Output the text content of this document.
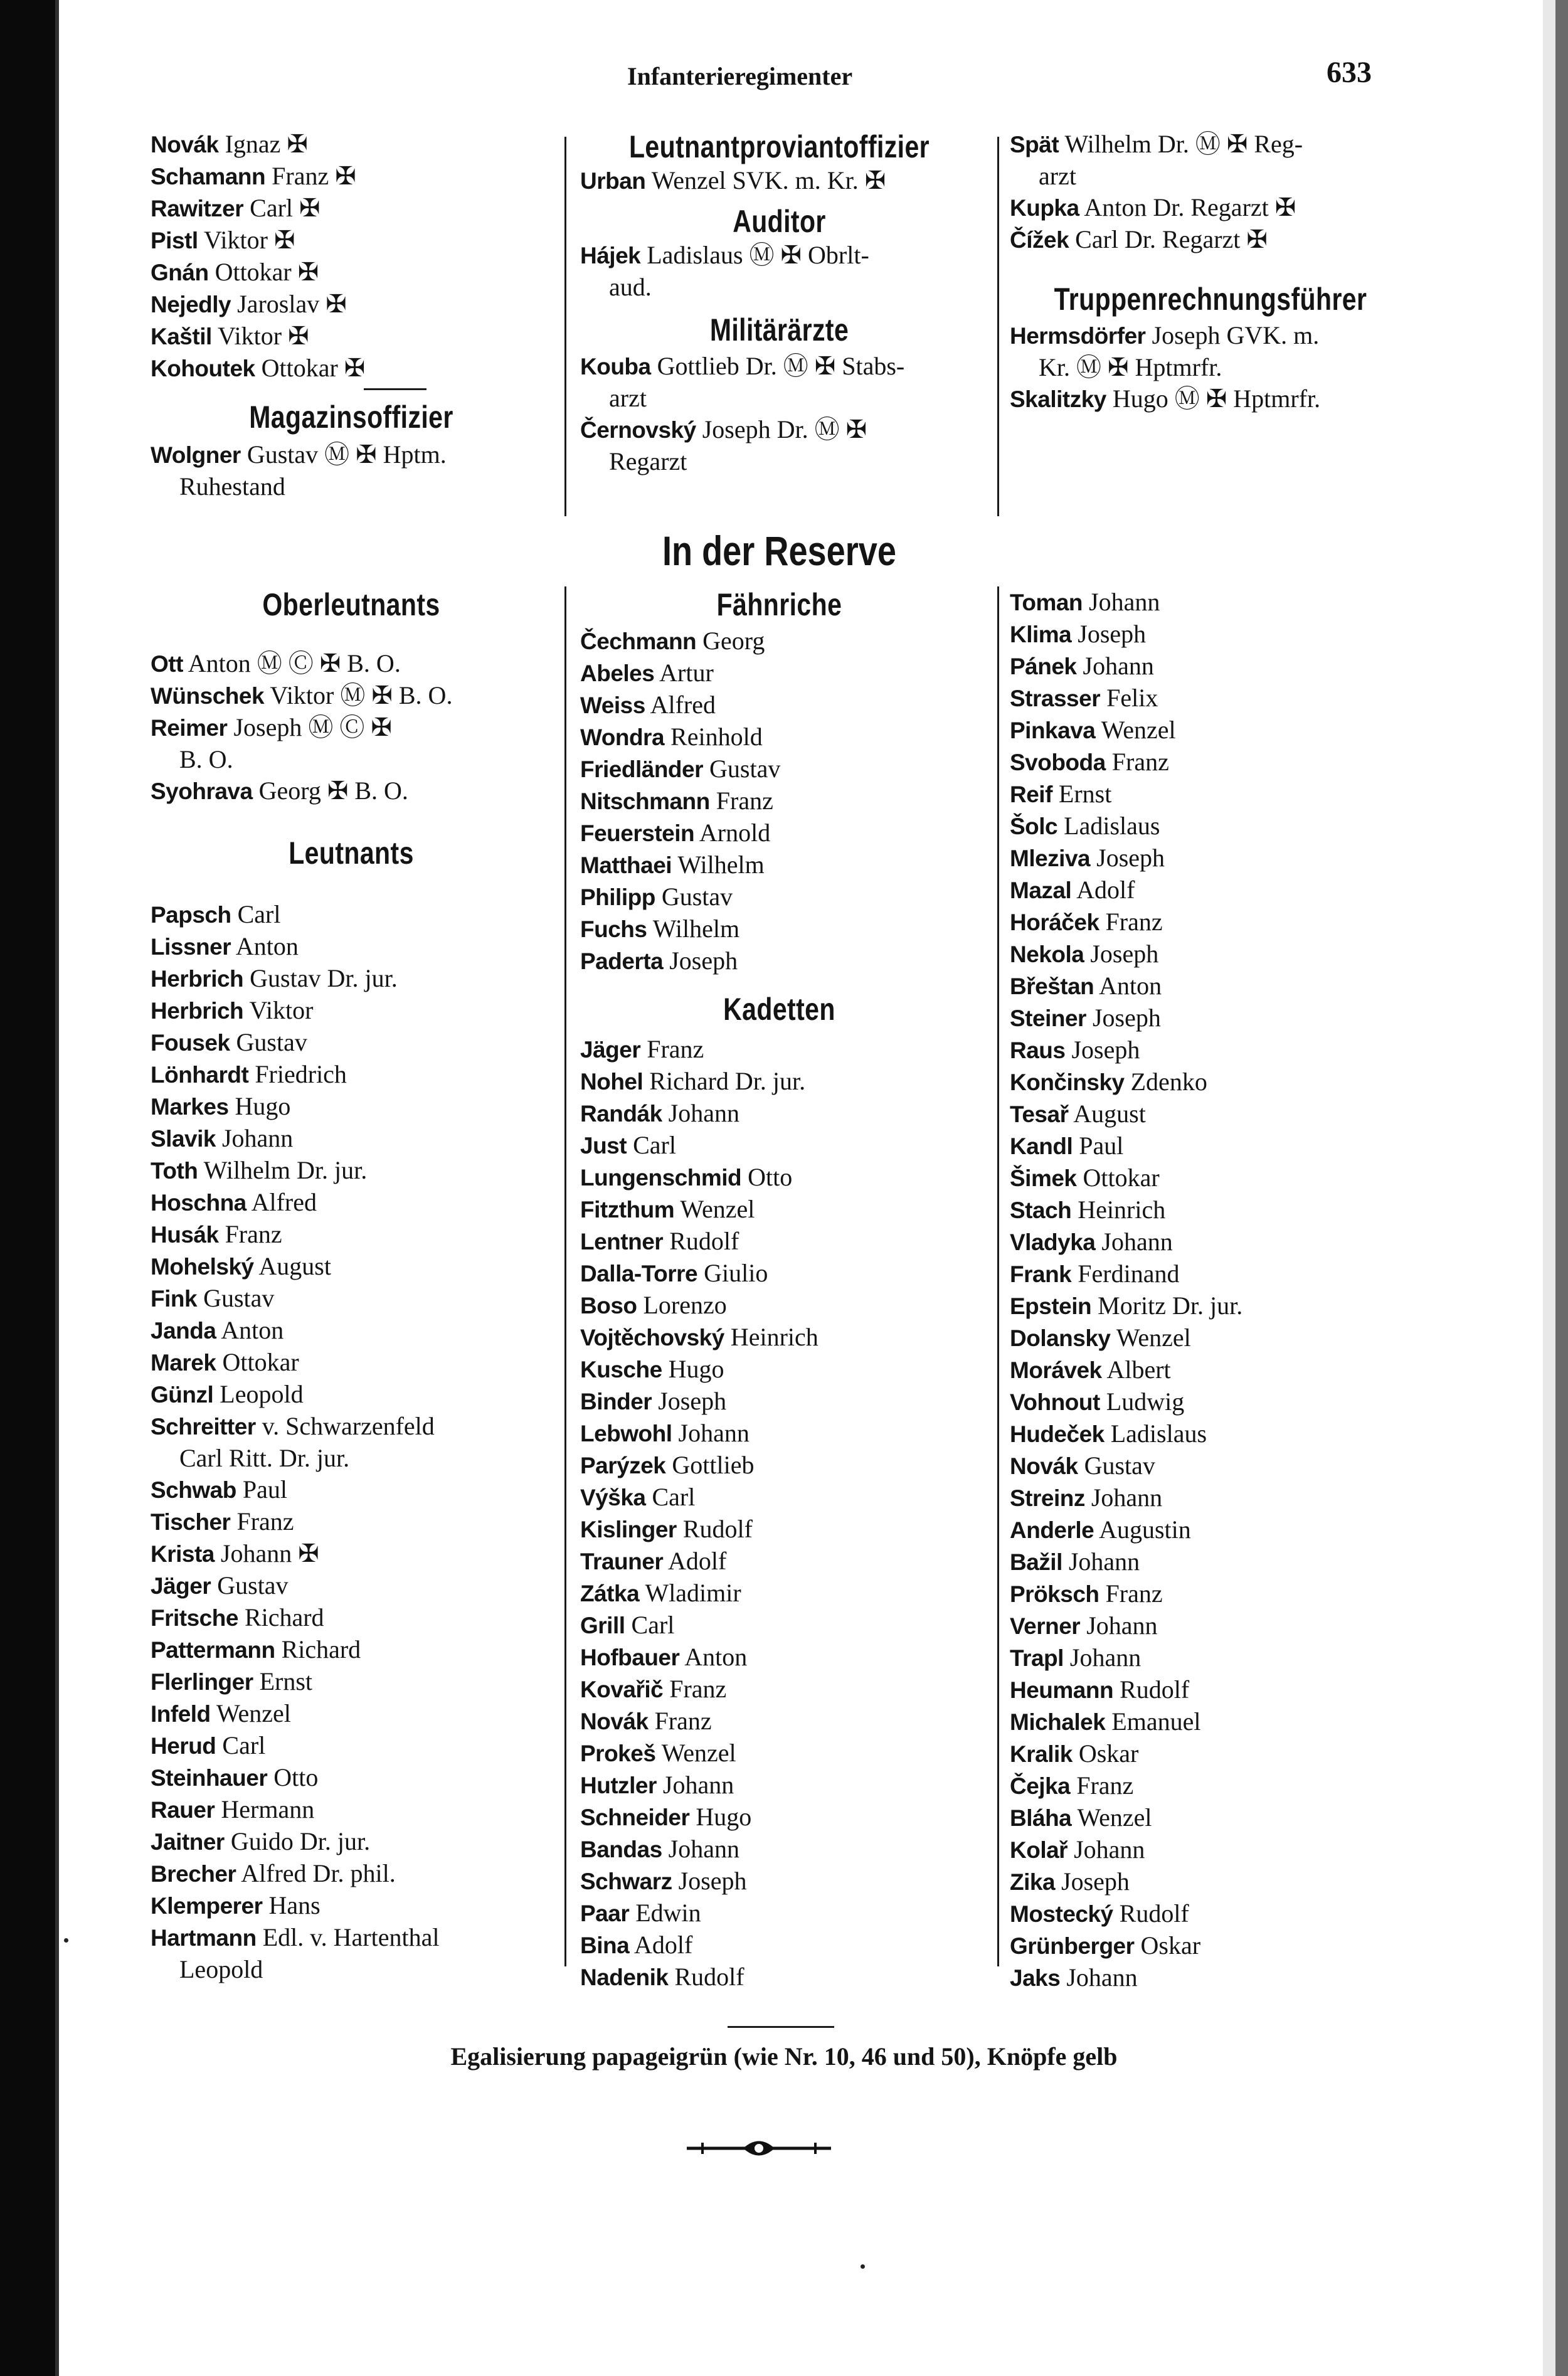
Infanterieregimenter	633
Novák Ignaz ✠
Schamann Franz ✠
Rawitzer Carl ✠
Pistl Viktor ✠
Gnán Ottokar ✠
Nejedly Jaroslav ✠
Kaštil Viktor ✠
Kohoutek Ottokar ✠
Magazinsoffizier
Wolgner Gustav Ⓜ ✠ Hptm.
Ruhestand
Leutnantproviantoffizier
Urban Wenzel SVK. m. Kr. ✠
Auditor
Hájek Ladislaus Ⓜ ✠ Obrlt-
aud.
Militärärzte
Kouba Gottlieb Dr. Ⓜ ✠ Stabs-
arzt
Černovský Joseph Dr. Ⓜ ✠
Regarzt
Spät Wilhelm Dr. Ⓜ ✠ Reg-
arzt
Kupka Anton Dr. Regarzt ✠
Čížek Carl Dr. Regarzt ✠
Truppenrechnungsführer
Hermsdörfer Joseph GVK. m.
Kr. Ⓜ ✠ Hptmrfr.
Skalitzky Hugo Ⓜ ✠ Hptmrfr.
In der Reserve
Oberleutnants
Ott Anton Ⓜ Ⓒ ✠ B. O.
Wünschek Viktor Ⓜ ✠ B. O.
Reimer Joseph Ⓜ Ⓒ ✠
B. O.
Syohrava Georg ✠ B. O.
Leutnants
Papsch Carl
Lissner Anton
Herbrich Gustav Dr. jur.
Herbrich Viktor
Fousek Gustav
Lönhardt Friedrich
Markes Hugo
Slavik Johann
Toth Wilhelm Dr. jur.
Hoschna Alfred
Husák Franz
Mohelský August
Fink Gustav
Janda Anton
Marek Ottokar
Günzl Leopold
Schreitter v. Schwarzenfeld
Carl Ritt. Dr. jur.
Schwab Paul
Tischer Franz
Krista Johann ✠
Jäger Gustav
Fritsche Richard
Pattermann Richard
Flerlinger Ernst
Infeld Wenzel
Herud Carl
Steinhauer Otto
Rauer Hermann
Jaitner Guido Dr. jur.
Brecher Alfred Dr. phil.
Klemperer Hans
Hartmann Edl. v. Hartenthal
Leopold
Fähnriche
Čechmann Georg
Abeles Artur
Weiss Alfred
Wondra Reinhold
Friedländer Gustav
Nitschmann Franz
Feuerstein Arnold
Matthaei Wilhelm
Philipp Gustav
Fuchs Wilhelm
Paderta Joseph
Kadetten
Jäger Franz
Nohel Richard Dr. jur.
Randák Johann
Just Carl
Lungenschmid Otto
Fitzthum Wenzel
Lentner Rudolf
Dalla-Torre Giulio
Boso Lorenzo
Vojtěchovský Heinrich
Kusche Hugo
Binder Joseph
Lebwohl Johann
Parýzek Gottlieb
Výška Carl
Kislinger Rudolf
Trauner Adolf
Zátka Wladimir
Grill Carl
Hofbauer Anton
Kovařič Franz
Novák Franz
Prokeš Wenzel
Hutzler Johann
Schneider Hugo
Bandas Johann
Schwarz Joseph
Paar Edwin
Bina Adolf
Nadenik Rudolf
Toman Johann
Klima Joseph
Pánek Johann
Strasser Felix
Pinkava Wenzel
Svoboda Franz
Reif Ernst
Šolc Ladislaus
Mleziva Joseph
Mazal Adolf
Horáček Franz
Nekola Joseph
Břeštan Anton
Steiner Joseph
Raus Joseph
Končinsky Zdenko
Tesař August
Kandl Paul
Šimek Ottokar
Stach Heinrich
Vladyka Johann
Frank Ferdinand
Epstein Moritz Dr. jur.
Dolansky Wenzel
Morávek Albert
Vohnout Ludwig
Hudeček Ladislaus
Novák Gustav
Streinz Johann
Anderle Augustin
Bažil Johann
Pröksch Franz
Verner Johann
Trapl Johann
Heumann Rudolf
Michalek Emanuel
Kralik Oskar
Čejka Franz
Bláha Wenzel
Kolař Johann
Zika Joseph
Mostecký Rudolf
Grünberger Oskar
Jaks Johann
Egalisierung papageigrün (wie Nr. 10, 46 und 50), Knöpfe gelb
